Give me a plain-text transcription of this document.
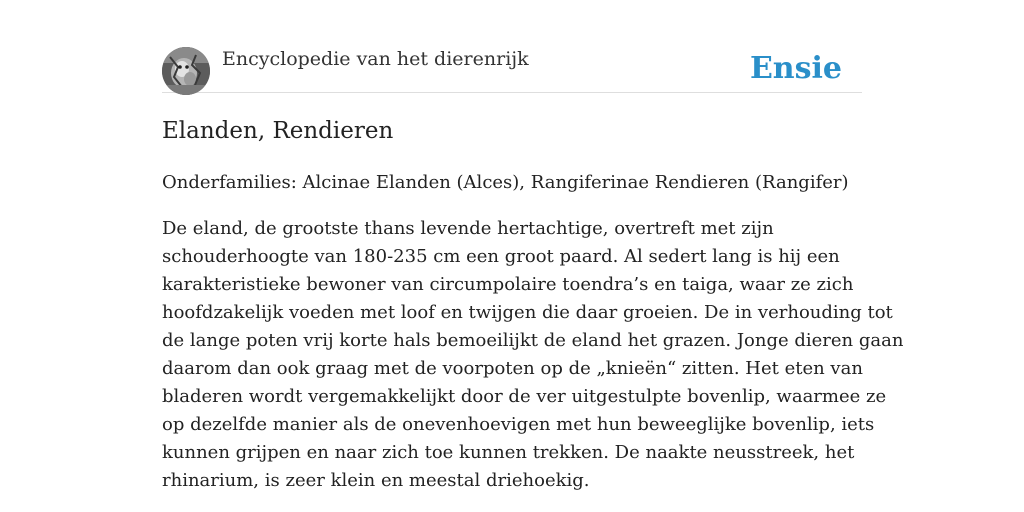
Encyclopedie van het dierenrijk	Ensie
Elanden, Rendieren

Onderfamilies: Alcinae Elanden (Alces), Rangiferinae Rendieren (Rangifer)

De eland, de grootste thans levende hertachtige, overtreft met zijn
schouderhoogte van 180-235 cm een groot paard. Al sedert lang is hij een
karakteristieke bewoner van circumpolaire toendra’s en taiga, waar ze zich
hoofdzakelijk voeden met loof en twijgen die daar groeien. De in verhouding tot
de lange poten vrij korte hals bemoeilijkt de eland het grazen. Jonge dieren gaan
daarom dan ook graag met de voorpoten op de „knieën“ zitten. Het eten van
bladeren wordt vergemakkelijkt door de ver uitgestulpte bovenlip, waarmee ze
op dezelfde manier als de onevenhoevigen met hun beweeglijke bovenlip, iets
kunnen grijpen en naar zich toe kunnen trekken. De naakte neusstreek, het
rhinarium, is zeer klein en meestal driehoekig.
